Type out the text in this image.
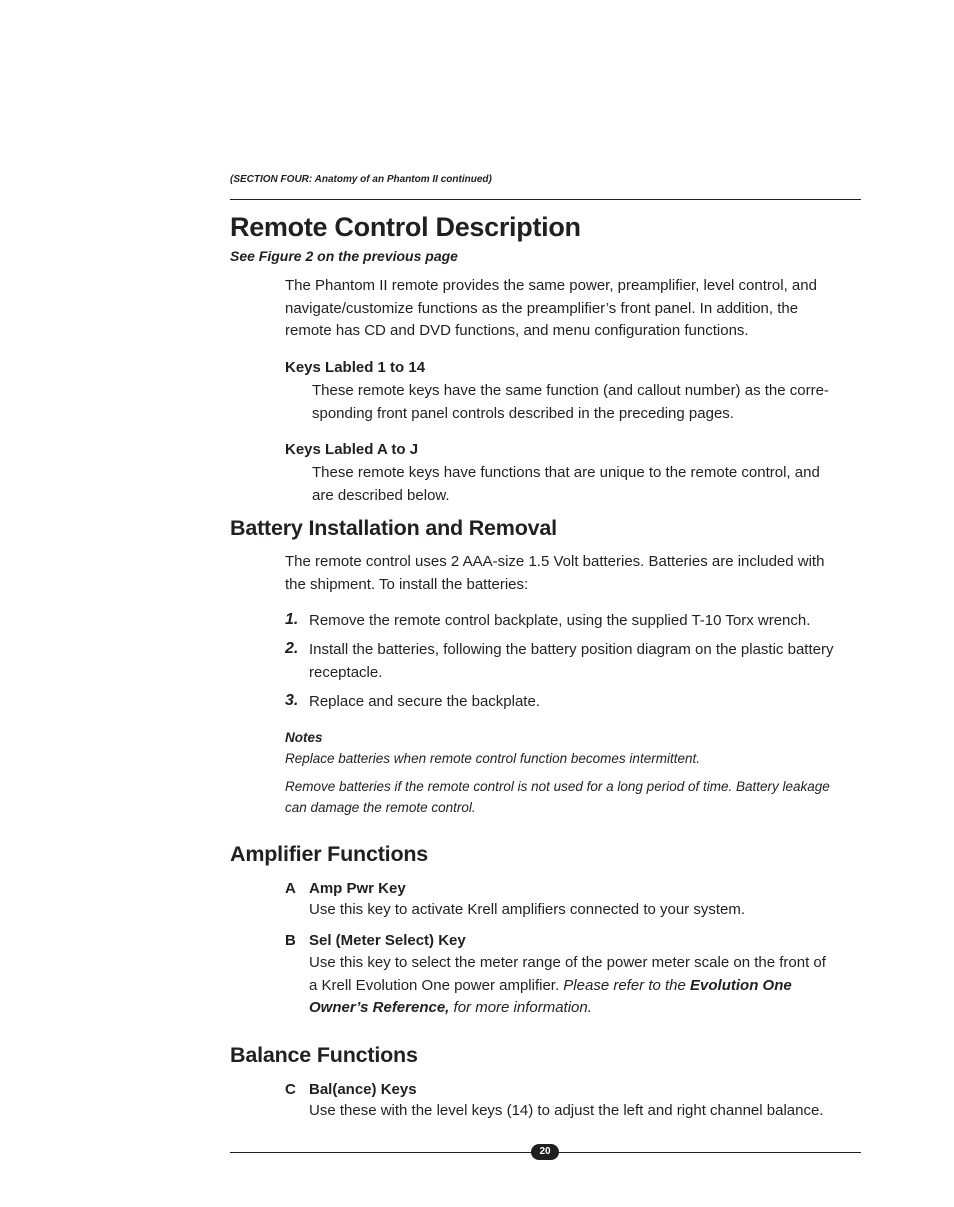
(SECTION FOUR: Anatomy of an Phantom II continued)
Remote Control Description
See Figure 2 on the previous page
The Phantom II remote provides the same power, preamplifier, level control, and
navigate/customize functions as the preamplifier’s front panel. In addition, the
remote has CD and DVD functions, and menu configuration functions.
Keys Labled 1 to 14
These remote keys have the same function (and callout number) as the corre-
sponding front panel controls described in the preceding pages.
Keys Labled A to J
These remote keys have functions that are unique to the remote control, and
are described below.
Battery Installation and Removal
The remote control uses 2 AAA-size 1.5 Volt batteries. Batteries are included with
the shipment. To install the batteries:
1. Remove the remote control backplate, using the supplied T-10 Torx wrench.
2. Install the batteries, following the battery position diagram on the plastic battery
receptacle.
3. Replace and secure the backplate.
Notes
Replace batteries when remote control function becomes intermittent.
Remove batteries if the remote control is not used for a long period of time. Battery leakage
can damage the remote control.
Amplifier Functions
A Amp Pwr Key
Use this key to activate Krell amplifiers connected to your system.
B Sel (Meter Select) Key
Use this key to select the meter range of the power meter scale on the front of
a Krell Evolution One power amplifier. Please refer to the Evolution One
Owner’s Reference, for more information.
Balance Functions
C Bal(ance) Keys
Use these with the level keys (14) to adjust the left and right channel balance.
20
